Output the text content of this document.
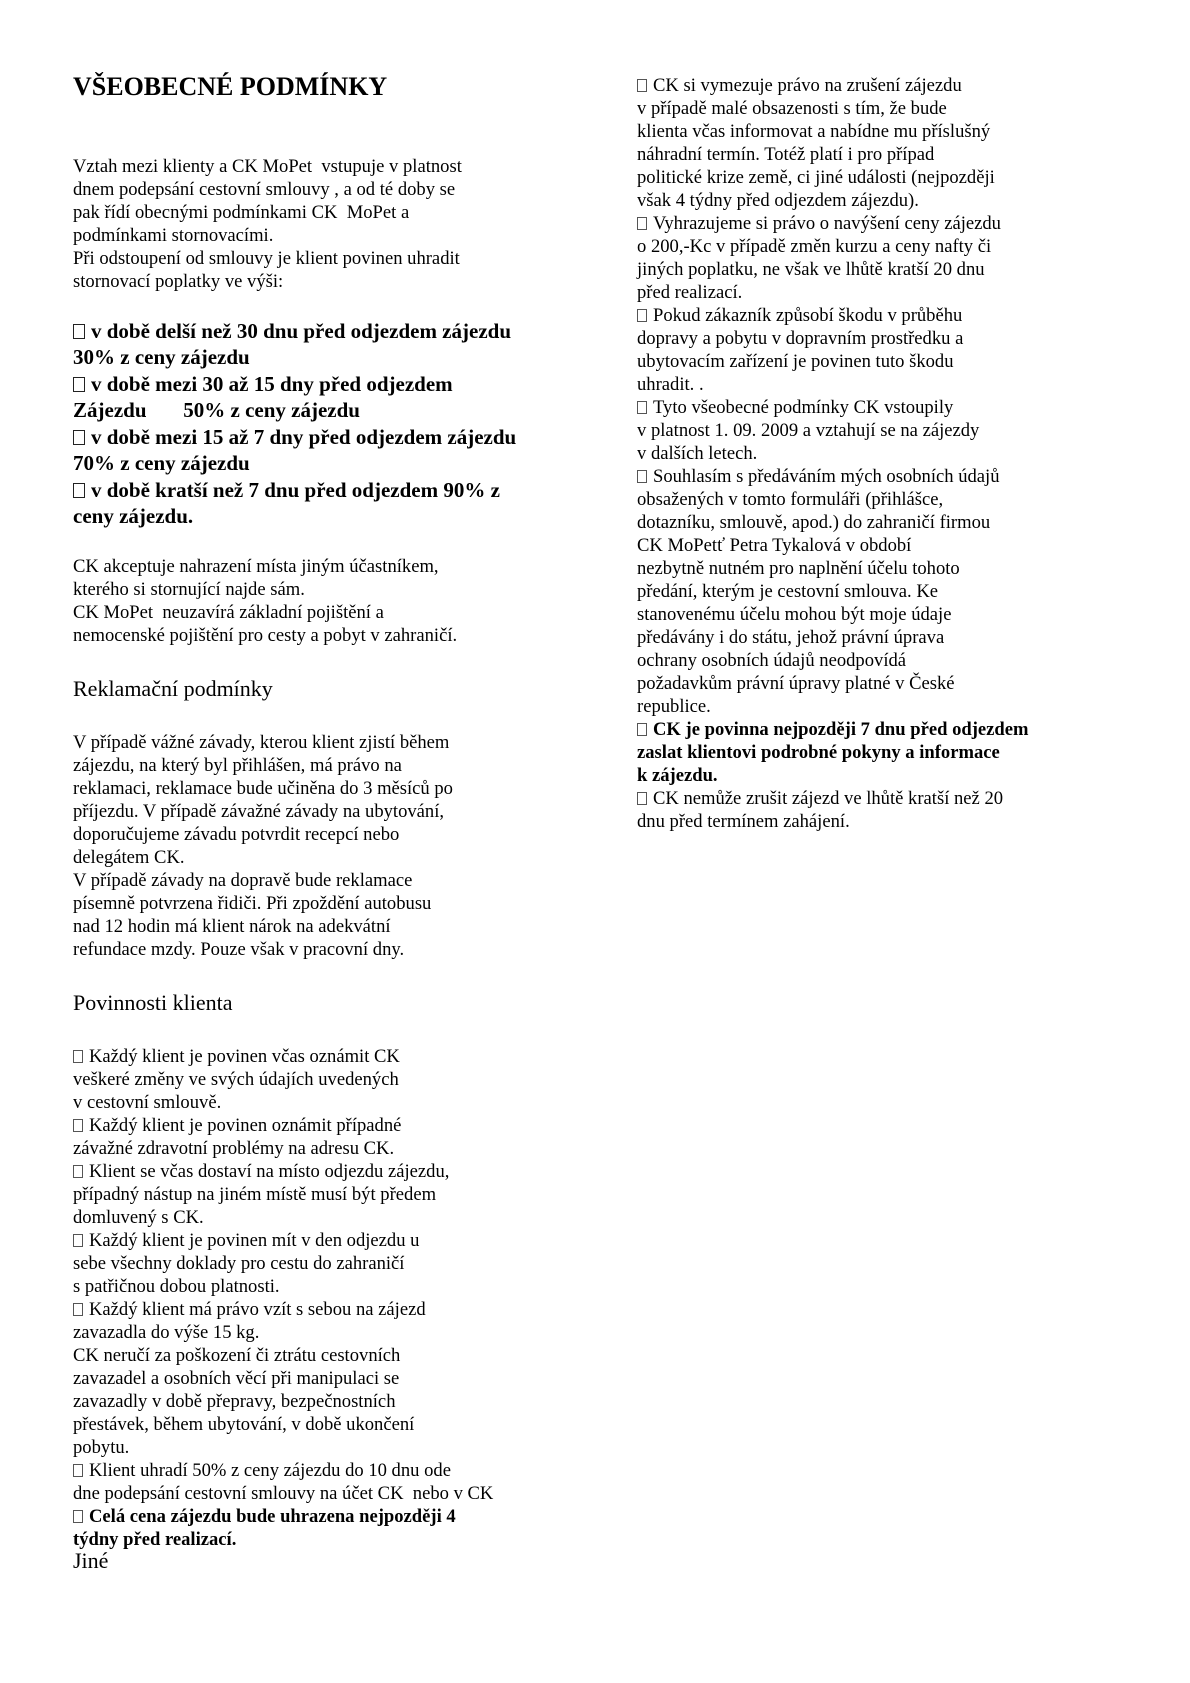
VŠEOBECNÉ PODMÍNKY
Vztah mezi klienty a CK MoPet  vstupuje v platnost
dnem podepsání cestovní smlouvy , a od té doby se
pak řídí obecnými podmínkami CK  MoPet a
podmínkami stornovacími.
Při odstoupení od smlouvy je klient povinen uhradit
stornovací poplatky ve výši:
v době delší než 30 dnu před odjezdem zájezdu
30% z ceny zájezdu
v době mezi 30 až 15 dny před odjezdem
Zájezdu       50% z ceny zájezdu
v době mezi 15 až 7 dny před odjezdem zájezdu
70% z ceny zájezdu
v době kratší než 7 dnu před odjezdem 90% z
ceny zájezdu.
CK akceptuje nahrazení místa jiným účastníkem,
kterého si stornující najde sám.
CK MoPet  neuzavírá základní pojištění a
nemocenské pojištění pro cesty a pobyt v zahraničí.
Reklamační podmínky
V případě vážné závady, kterou klient zjistí během
zájezdu, na který byl přihlášen, má právo na
reklamaci, reklamace bude učiněna do 3 měsíců po
příjezdu. V případě závažné závady na ubytování,
doporučujeme závadu potvrdit recepcí nebo
delegátem CK.
V případě závady na dopravě bude reklamace
písemně potvrzena řidiči. Při zpoždění autobusu
nad 12 hodin má klient nárok na adekvátní
refundace mzdy. Pouze však v pracovní dny.
Povinnosti klienta
Každý klient je povinen včas oznámit CK
veškeré změny ve svých údajích uvedených
v cestovní smlouvě.
Každý klient je povinen oznámit případné
závažné zdravotní problémy na adresu CK.
Klient se včas dostaví na místo odjezdu zájezdu,
případný nástup na jiném místě musí být předem
domluvený s CK.
Každý klient je povinen mít v den odjezdu u
sebe všechny doklady pro cestu do zahraničí
s patřičnou dobou platnosti.
Každý klient má právo vzít s sebou na zájezd
zavazadla do výše 15 kg.
CK neručí za poškození či ztrátu cestovních
zavazadel a osobních věcí při manipulaci se
zavazadly v době přepravy, bezpečnostních
přestávek, během ubytování, v době ukončení
pobytu.
Klient uhradí 50% z ceny zájezdu do 10 dnu ode
dne podepsání cestovní smlouvy na účet CK  nebo v CK
Celá cena zájezdu bude uhrazena nejpozději 4
týdny před realizací.
Jiné
CK si vymezuje právo na zrušení zájezdu
v případě malé obsazenosti s tím, že bude
klienta včas informovat a nabídne mu příslušný
náhradní termín. Totéž platí i pro případ
politické krize země, ci jiné události (nejpozději
však 4 týdny před odjezdem zájezdu).
Vyhrazujeme si právo o navýšení ceny zájezdu
o 200,-Kc v případě změn kurzu a ceny nafty či
jiných poplatku, ne však ve lhůtě kratší 20 dnu
před realizací.
Pokud zákazník způsobí škodu v průběhu
dopravy a pobytu v dopravním prostředku a
ubytovacím zařízení je povinen tuto škodu
uhradit. .
Tyto všeobecné podmínky CK vstoupily
v platnost 1. 09. 2009 a vztahují se na zájezdy
v dalších letech.
Souhlasím s předáváním mých osobních údajů
obsažených v tomto formuláři (přihlášce,
dotazníku, smlouvě, apod.) do zahraničí firmou
CK MoPetť Petra Tykalová v období
nezbytně nutném pro naplnění účelu tohoto
předání, kterým je cestovní smlouva. Ke
stanovenému účelu mohou být moje údaje
předávány i do státu, jehož právní úprava
ochrany osobních údajů neodpovídá
požadavkům právní úpravy platné v České
republice.
CK je povinna nejpozději 7 dnu před odjezdem
zaslat klientovi podrobné pokyny a informace
k zájezdu.
CK nemůže zrušit zájezd ve lhůtě kratší než 20
dnu před termínem zahájení.
